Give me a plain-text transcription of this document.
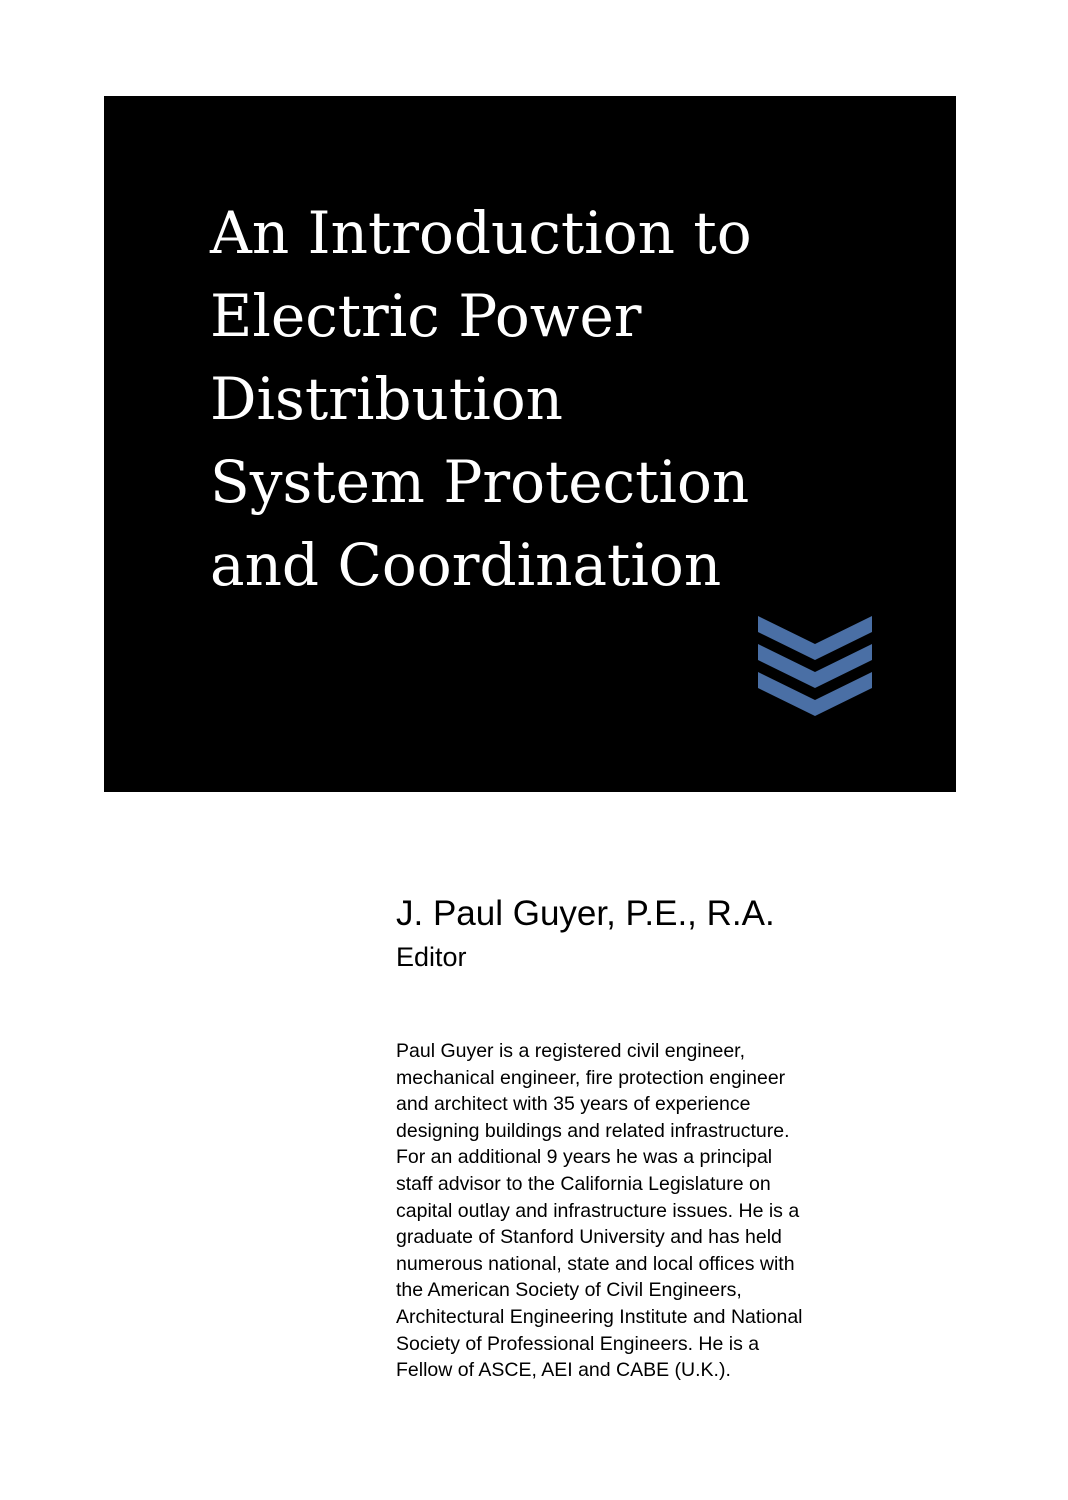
An Introduction to
Electric Power
Distribution
System Protection
and Coordination
J. Paul Guyer, P.E., R.A.
Editor
Paul Guyer is a registered civil engineer,
mechanical engineer, fire protection engineer
and architect with 35 years of experience
designing buildings and related infrastructure.
For an additional 9 years he was a principal
staff advisor to the California Legislature on
capital outlay and infrastructure issues. He is a
graduate of Stanford University and has held
numerous national, state and local offices with
the American Society of Civil Engineers,
Architectural Engineering Institute and National
Society of Professional Engineers. He is a
Fellow of ASCE, AEI and CABE (U.K.).
